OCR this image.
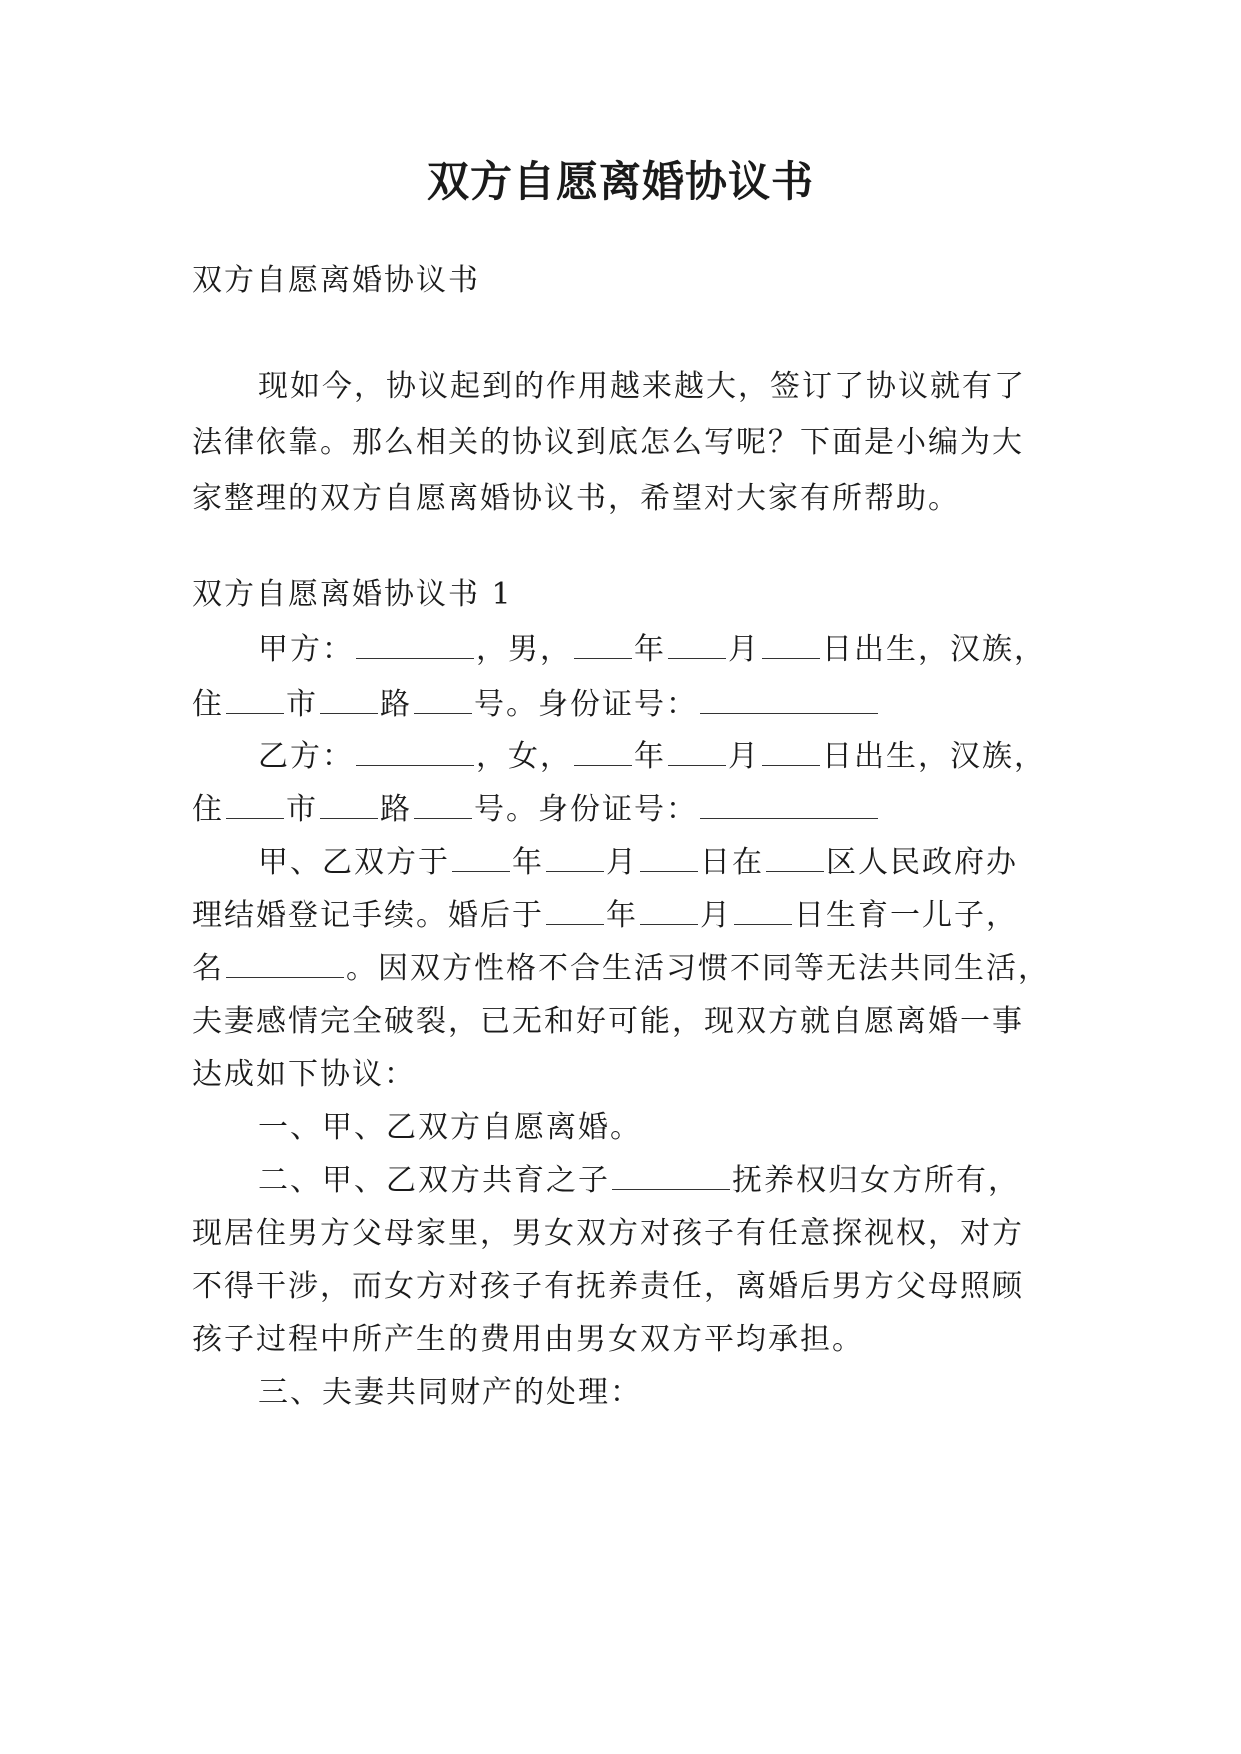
双方自愿离婚协议书
双方自愿离婚协议书
现如今，协议起到的作用越来越大，签订了协议就有了
法律依靠。那么相关的协议到底怎么写呢？下面是小编为大
家整理的双方自愿离婚协议书，希望对大家有所帮助。
双方自愿离婚协议书 1
甲方：	，男， 年 月 日出生，汉族，
住 市 路 号。身份证号：
乙方：	，女， 年 月 日出生，汉族，
住 市 路 号。身份证号：
甲、乙双方于 年 月 日在 区人民政府办
理结婚登记手续。婚后于 年 月 日生育一儿子，
名	。因双方性格不合生活习惯不同等无法共同生活，
夫妻感情完全破裂，已无和好可能，现双方就自愿离婚一事
达成如下协议：
一、甲、乙双方自愿离婚。
二、甲、乙双方共育之子	抚养权归女方所有，
现居住男方父母家里，男女双方对孩子有任意探视权，对方
不得干涉，而女方对孩子有抚养责任，离婚后男方父母照顾
孩子过程中所产生的费用由男女双方平均承担。
三、夫妻共同财产的处理：
